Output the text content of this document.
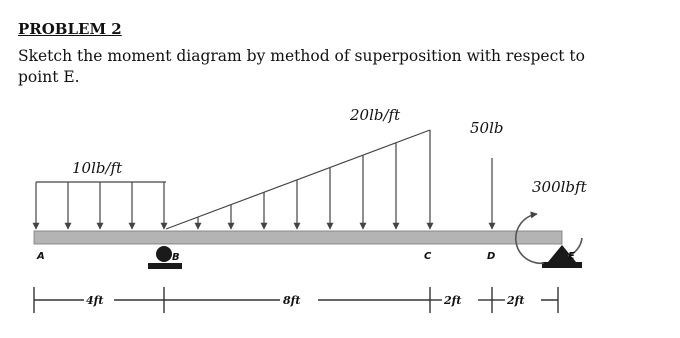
PROBLEM 2
Sketch the moment diagram by method of superposition with respect to
point E.
10lb/ft
20lb/ft
50lb
300lbft
A	B	C	D	E
4ft	8ft	2ft	2ft
